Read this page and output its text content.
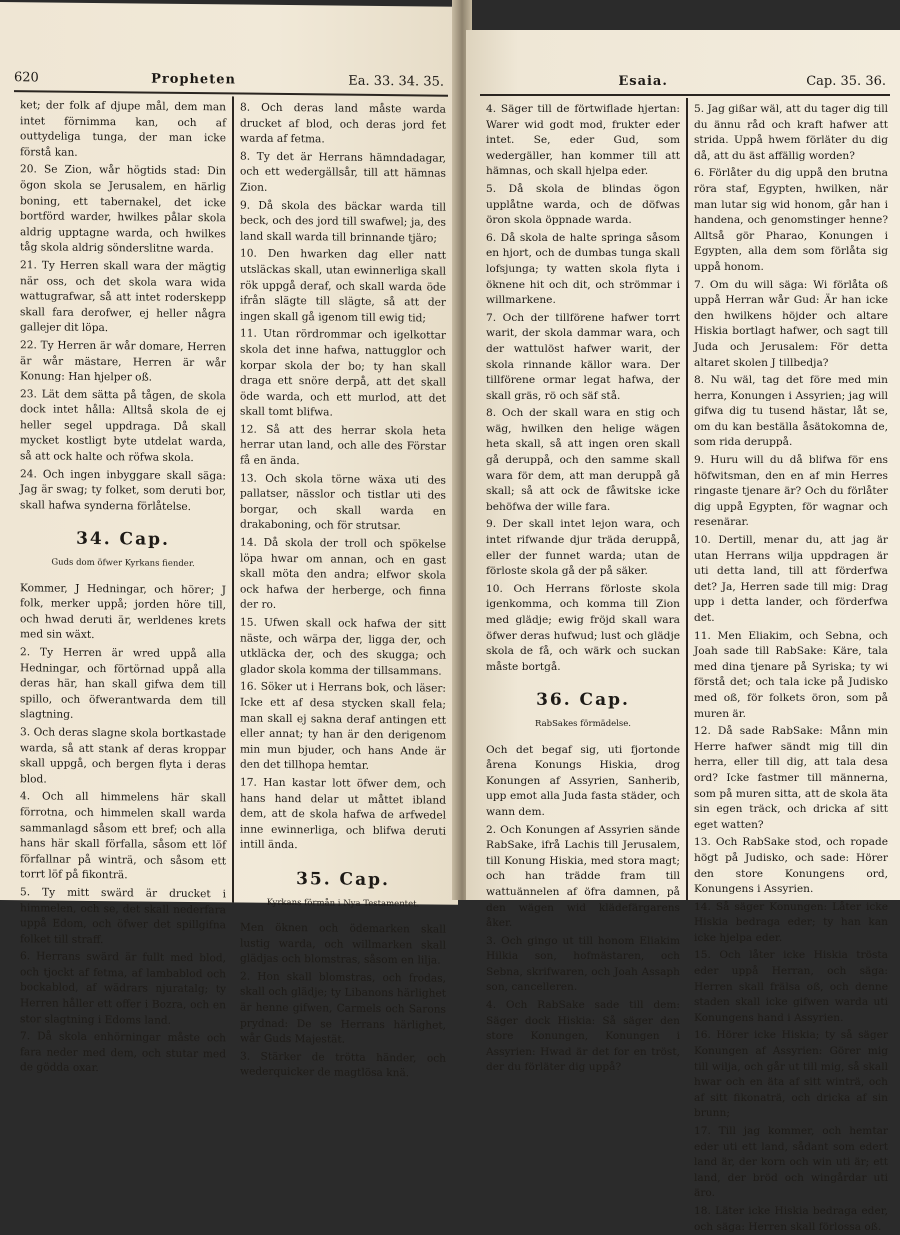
620	Propheten	Ea. 33. 34. 35.

ket; der folk af djupe mål, dem man intet förnimma kan, och af outtydeliga tunga, der man icke förstå kan.

20. Se Zion, wår högtids stad: Din ögon skola se Jerusalem, en härlig boning, ett tabernakel, det icke bortförd warder, hwilkes pålar skola aldrig upptagne warda, och hwilkes tåg skola aldrig sönderslitne warda.

21. Ty Herren skall wara der mägtig när oss, och det skola wara wida wattugrafwar, så att intet roderskepp skall fara derofwer, ej heller några gallejer dit löpa.

22. Ty Herren är wår domare, Herren är wår mästare, Herren är wår Konung: Han hjelper oß.

23. Lät dem sätta på tågen, de skola dock intet hålla: Alltså skola de ej heller segel uppdraga. Då skall mycket kostligt byte utdelat warda, så att ock halte och röfwa skola.

24. Och ingen inbyggare skall säga: Jag är swag; ty folket, som deruti bor, skall hafwa synderna förlåtelse.

34. Cap.
Guds dom öfwer Kyrkans fiender.

Kommer, J Hedningar, och hörer; J folk, merker uppå; jorden höre till, och hwad deruti är, werldenes krets med sin wäxt.

2. Ty Herren är wred uppå alla Hedningar, och förtörnad uppå alla deras här, han skall gifwa dem till spillo, och öfwerantwarda dem till slagtning.

3. Och deras slagne skola bortkastade warda, så att stank af deras kroppar skall uppgå, och bergen flyta i deras blod.

4. Och all himmelens här skall förrotna, och himmelen skall warda sammanlagd såsom ett bref; och alla hans här skall förfalla, såsom ett löf förfallnar på winträ, och såsom ett torrt löf på fikonträ.

5. Ty mitt swärd är drucket i himmelen, och se, det skall nederfara uppå Edom, och öfwer det spillgifna folket till straff.

6. Herrans swärd är fullt med blod, och tjockt af fetma, af lambablod och bockablod, af wädrars njuratalg; ty Herren håller ett offer i Bozra, och en stor slagtning i Edoms land.

7. Då skola enhörningar måste och fara neder med dem, och stutar med de gödda oxar.

8. Och deras land måste warda drucket af blod, och deras jord fet warda af fetma.

8. Ty det är Herrans hämndadagar, och ett wedergällsår, till att hämnas Zion.

9. Då skola des bäckar warda till beck, och des jord till swafwel; ja, des land skall warda till brinnande tjäro;

10. Den hwarken dag eller natt utsläckas skall, utan ewinnerliga skall rök uppgå deraf, och skall warda öde ifrån slägte till slägte, så att der ingen skall gå igenom till ewig tid;

11. Utan rördrommar och igelkottar skola det inne hafwa, nattugglor och korpar skola der bo; ty han skall draga ett snöre derpå, att det skall öde warda, och ett murlod, att det skall tomt blifwa.

12. Så att des herrar skola heta herrar utan land, och alle des Förstar få en ända.

13. Och skola törne wäxa uti des pallatser, nässlor och tistlar uti des borgar, och skall warda en drakaboning, och för strutsar.

14. Då skola der troll och spökelse löpa hwar om annan, och en gast skall möta den andra; elfwor skola ock hafwa der herberge, och finna der ro.

15. Ufwen skall ock hafwa der sitt näste, och wärpa der, ligga der, och utkläcka der, och des skugga; och glador skola komma der tillsammans.

16. Söker ut i Herrans bok, och läser: Icke ett af desa stycken skall fela; man skall ej sakna deraf antingen ett eller annat; ty han är den derigenom min mun bjuder, och hans Ande är den det tillhopa hemtar.

17. Han kastar lott öfwer dem, och hans hand delar ut måttet ibland dem, att de skola hafwa de arfwedel inne ewinnerliga, och blifwa deruti intill ända.

35. Cap.
Kyrkans förmån i Nya Testamentet.

Men öknen och ödemarken skall lustig warda, och willmarken skall glädjas och blomstras, såsom en lilja.

2. Hon skall blomstras, och frodas, skall och glädje; ty Libanons härlighet är henne gifwen, Carmels och Sarons prydnad: De se Herrans härlighet, wår Guds Majestät.

3. Stärker de trötta händer, och wederquicker de magtlösa knä.

Esaia.	Cap. 35. 36.

4. Säger till de förtwiflade hjertan: Warer wid godt mod, frukter eder intet. Se, eder Gud, som wedergäller, han kommer till att hämnas, och skall hjelpa eder.

5. Då skola de blindas ögon upplåtne warda, och de döfwas öron skola öppnade warda.

6. Då skola de halte springa såsom en hjort, och de dumbas tunga skall lofsjunga; ty watten skola flyta i öknene hit och dit, och strömmar i willmarkene.

7. Och der tillförene hafwer torrt warit, der skola dammar wara, och der wattulöst hafwer warit, der skola rinnande källor wara. Der tillförene ormar legat hafwa, der skall gräs, rö och säf stå.

8. Och der skall wara en stig och wäg, hwilken den helige wägen heta skall, så att ingen oren skall gå deruppå, och den samme skall wara för dem, att man deruppå gå skall; så att ock de fåwitske icke behöfwa der wille fara.

9. Der skall intet lejon wara, och intet rifwande djur träda deruppå, eller der funnet warda; utan de förloste skola gå der på säker.

10. Och Herrans förloste skola igenkomma, och komma till Zion med glädje; ewig fröjd skall wara öfwer deras hufwud; lust och glädje skola de få, och wärk och suckan måste bortgå.

36. Cap.
RabSakes förmädelse.

Och det begaf sig, uti fjortonde årena Konungs Hiskia, drog Konungen af Assyrien, Sanherib, upp emot alla Juda fasta städer, och wann dem.

2. Och Konungen af Assyrien sände RabSake, ifrå Lachis till Jerusalem, till Konung Hiskia, med stora magt; och han trädde fram till wattuännelen af öfra damnen, på den wägen wid klädefärgarens åker.

3. Och gingo ut till honom Eliakim Hilkia son, hofmästaren, och Sebna, skrifwaren, och Joah Assaph son, cancelleren.

4. Och RabSake sade till dem: Säger dock Hiskia: Så säger den store Konungen, Konungen i Assyrien: Hwad är det for en tröst, der du förläter dig uppå?

5. Jag gißar wäl, att du tager dig till du ännu råd och kraft hafwer att strida. Uppå hwem förläter du dig då, att du äst affällig worden?

6. Förlåter du dig uppå den brutna röra staf, Egypten, hwilken, när man lutar sig wid honom, går han i handena, och genomstinger henne? Alltså gör Pharao, Konungen i Egypten, alla dem som förlåta sig uppå honom.

7. Om du will säga: Wi förlåta oß uppå Herran wår Gud: Är han icke den hwilkens höjder och altare Hiskia bortlagt hafwer, och sagt till Juda och Jerusalem: För detta altaret skolen J tillbedja?

8. Nu wäl, tag det före med min herra, Konungen i Assyrien; jag will gifwa dig tu tusend hästar, låt se, om du kan beställa åsätokomna de, som rida deruppå.

9. Huru will du då blifwa för ens höfwitsman, den en af min Herres ringaste tjenare är? Och du förlåter dig uppå Egypten, för wagnar och resenärar.

10. Dertill, menar du, att jag är utan Herrans wilja uppdragen är uti detta land, till att förderfwa det? Ja, Herren sade till mig: Drag upp i detta lander, och förderfwa det.

11. Men Eliakim, och Sebna, och Joah sade till RabSake: Käre, tala med dina tjenare på Syriska; ty wi förstå det; och tala icke på Judisko med oß, för folkets öron, som på muren är.

12. Då sade RabSake: Månn min Herre hafwer sändt mig till din herra, eller till dig, att tala desa ord? Icke fastmer till männerna, som på muren sitta, att de skola äta sin egen träck, och dricka af sitt eget watten?

13. Och RabSake stod, och ropade högt på Judisko, och sade: Hörer den store Konungens ord, Konungens i Assyrien.

14. Så säger Konungen: Låter icke Hiskia bedraga eder; ty han kan icke hjelpa eder.

15. Och låter icke Hiskia trösta eder uppå Herran, och säga: Herren skall frälsa oß, och denne staden skall icke gifwen warda uti Konungens hand i Assyrien.

16. Hörer icke Hiskia; ty så säger Konungen af Assyrien: Görer mig till wilja, och går ut till mig, så skall hwar och en äta af sitt winträ, och af sitt fikonaträ, och dricka af sin brunn;

17. Till jag kommer, och hemtar eder uti ett land, sådant som edert land är, der korn och win uti är; ett land, der bröd och wingårdar uti äro.

18. Läter icke Hiskia bedraga eder, och säga: Herren skall förlossa oß.
